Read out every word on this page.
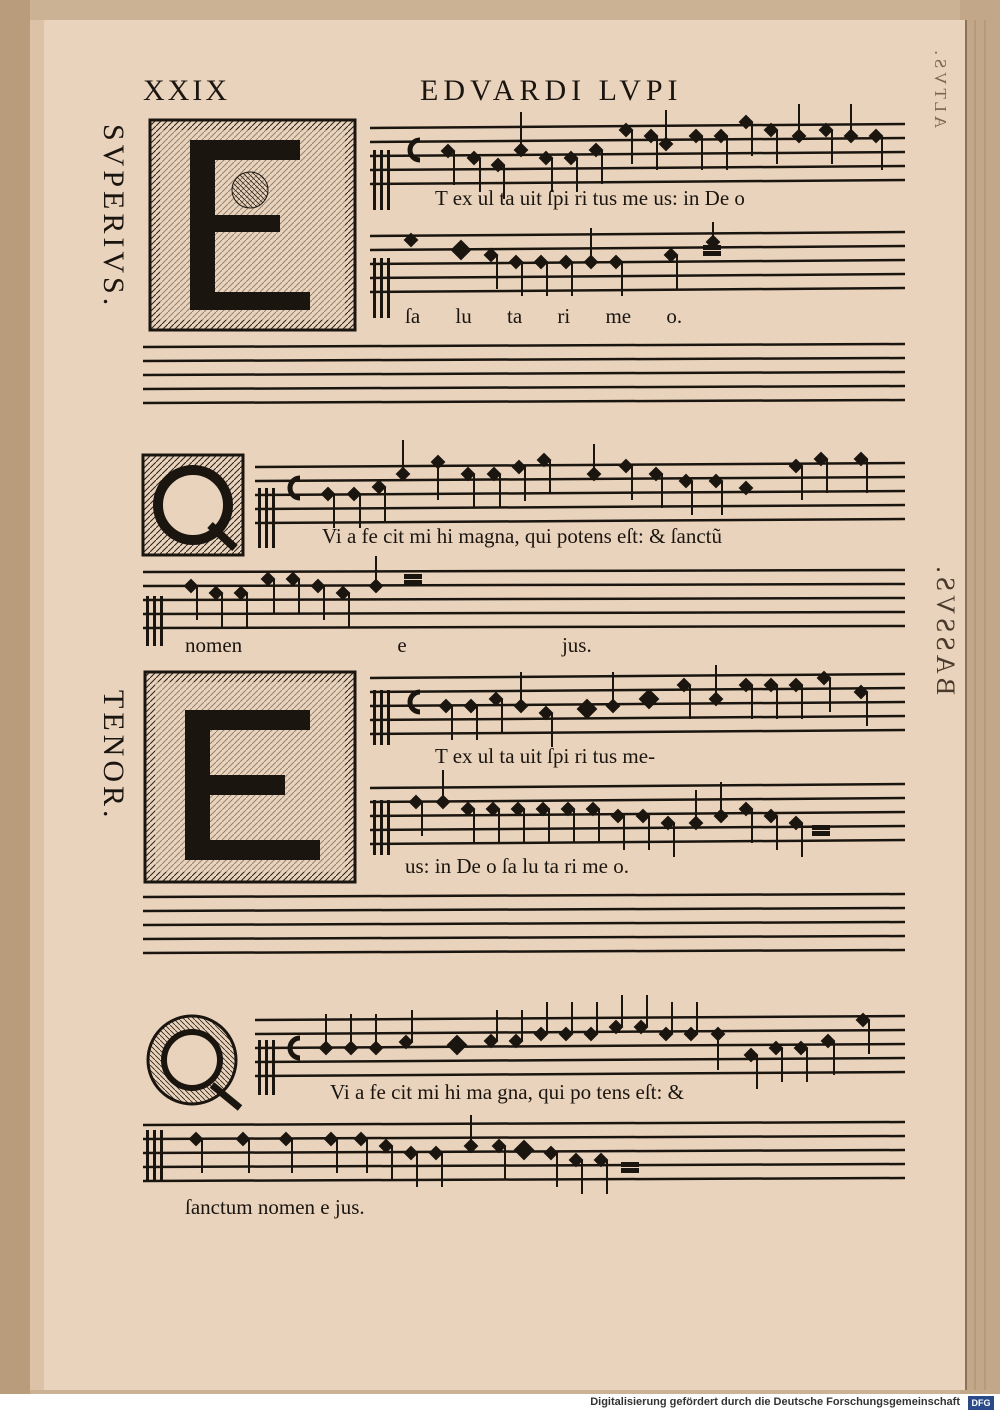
XXIX	EDVARDI LVPI
SVPERIVS.
TENOR.
T ex ul ta uit ſpi ri tus me us: in De o
ſa lu ta ri me o.
Vi a fe cit mi hi magna, qui potens eſt: & ſanctũ
nomen e jus.
T ex ul ta uit ſpi ri tus me-
us: in De o ſa lu ta ri me o.
Vi a fe cit mi hi ma gna, qui po tens eſt: &
ſanctum nomen e jus.
ALTVS.
BASSVS.
Digitalisierung gefördert durch die Deutsche Forschungsgemeinschaft	DFG
